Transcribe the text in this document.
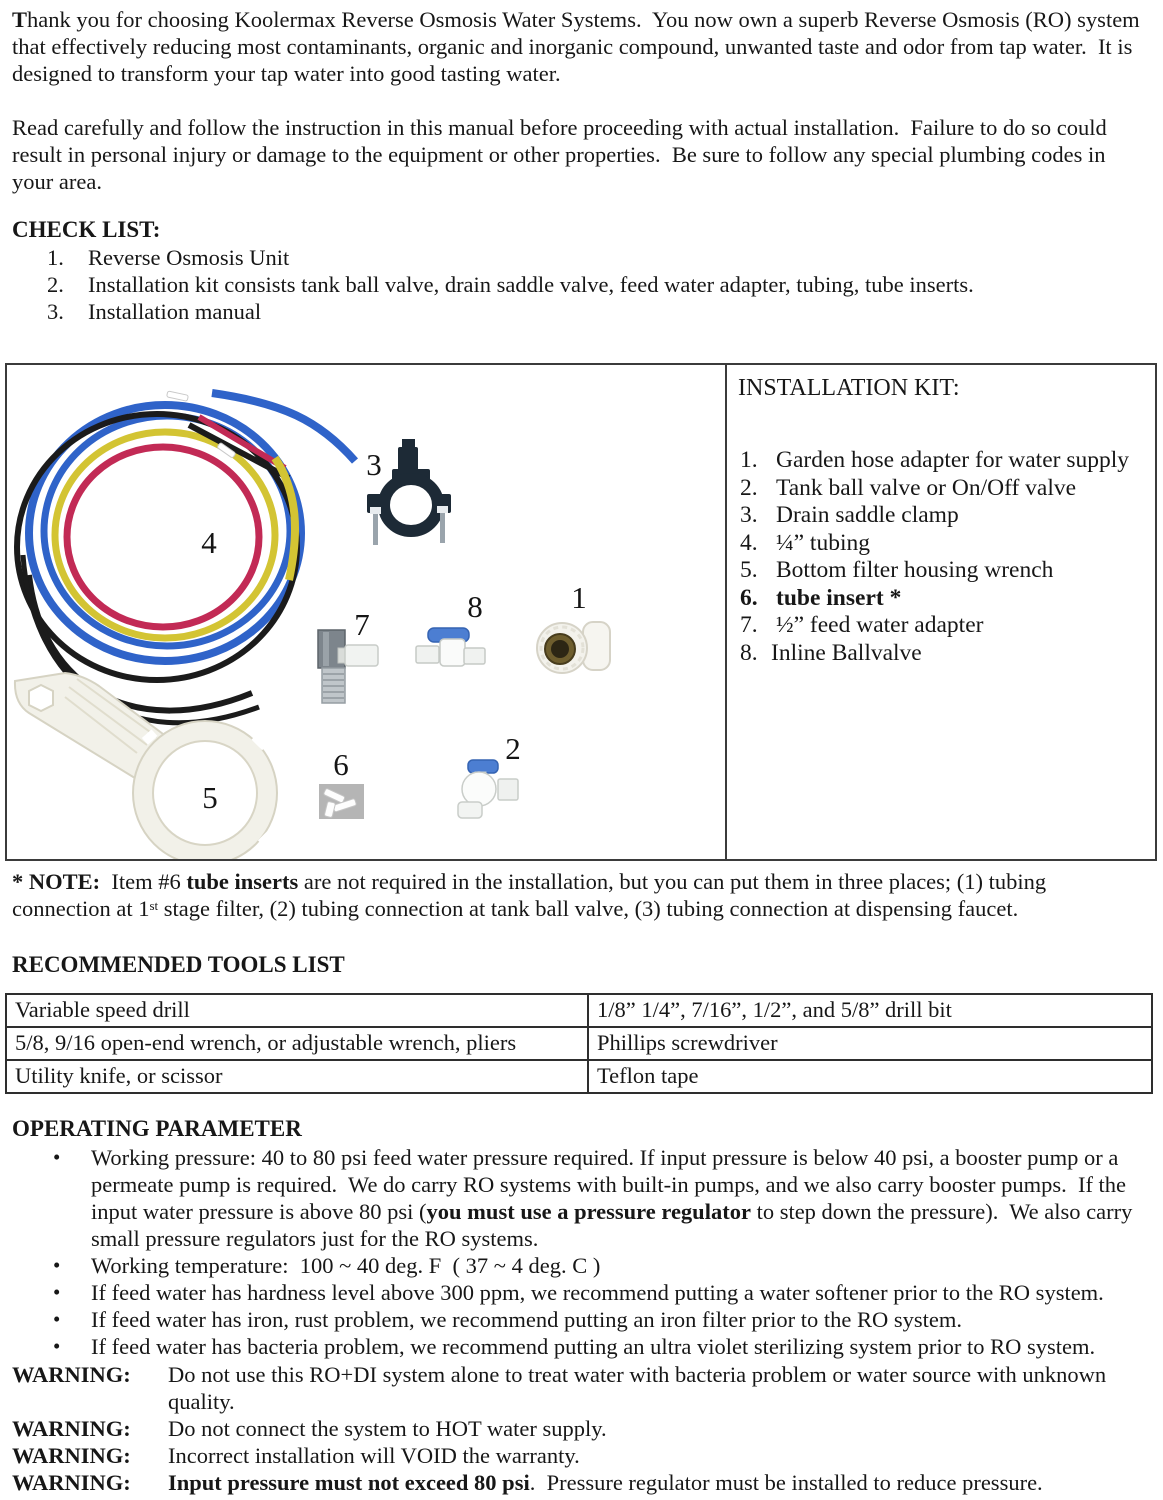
Thank you for choosing Koolermax Reverse Osmosis Water Systems.  You now own a superb Reverse Osmosis (RO) system that effectively reducing most contaminants, organic and inorganic compound, unwanted taste and odor from tap water.  It is designed to transform your tap water into good tasting water.

Read carefully and follow the instruction in this manual before proceeding with actual installation.  Failure to do so could result in personal injury or damage to the equipment or other properties.  Be sure to follow any special plumbing codes in your area.

CHECK LIST:

1.	Reverse Osmosis Unit
2.	Installation kit consists tank ball valve, drain saddle valve, feed water adapter, tubing, tube inserts.
3.	Installation manual
1
2
3
4
5
6
7
8

INSTALLATION KIT:

1. Garden hose adapter for water supply
2. Tank ball valve or On/Off valve
3. Drain saddle clamp
4. ¼” tubing
5. Bottom filter housing wrench
6. tube insert *
7. ½” feed water adapter
8. Inline Ballvalve

* NOTE:  Item #6 tube inserts are not required in the installation, but you can put them in three places; (1) tubing connection at 1st stage filter, (2) tubing connection at tank ball valve, (3) tubing connection at dispensing faucet.

RECOMMENDED TOOLS LIST

Variable speed drill	1/8” 1/4”, 7/16”, 1/2”, and 5/8” drill bit
5/8, 9/16 open-end wrench, or adjustable wrench, pliers	Phillips screwdriver
Utility knife, or scissor	Teflon tape

OPERATING PARAMETER

•
Working pressure: 40 to 80 psi feed water pressure required. If input pressure is below 40 psi, a booster pump or a permeate pump is required.  We do carry RO systems with built-in pumps, and we also carry booster pumps.  If the input water pressure is above 80 psi (you must use a pressure regulator to step down the pressure).  We also carry small pressure regulators just for the RO systems.
•
Working temperature:  100 ~ 40 deg. F  ( 37 ~ 4 deg. C )
•
If feed water has hardness level above 300 ppm, we recommend putting a water softener prior to the RO system.
•
If feed water has iron, rust problem, we recommend putting an iron filter prior to the RO system.
•
If feed water has bacteria problem, we recommend putting an ultra violet sterilizing system prior to RO system.
WARNING:	Do not use this RO+DI system alone to treat water with bacteria problem or water source with unknown quality.
WARNING:	Do not connect the system to HOT water supply.
WARNING:	Incorrect installation will VOID the warranty.
WARNING:	Input pressure must not exceed 80 psi.  Pressure regulator must be installed to reduce pressure.
